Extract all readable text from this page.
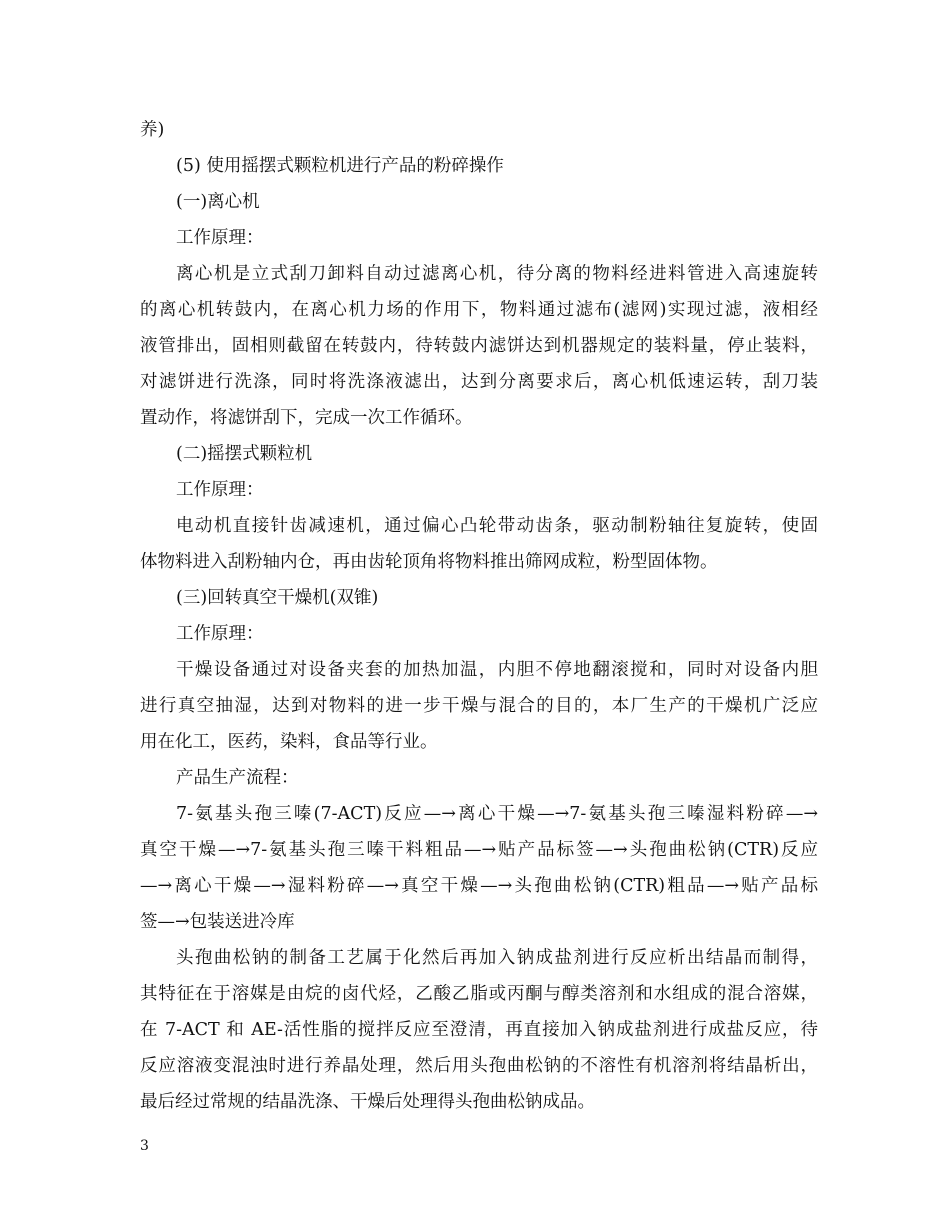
养)
(5) 使用摇摆式颗粒机进行产品的粉碎操作
(一)离心机
工作原理：
离心机是立式刮刀卸料自动过滤离心机，待分离的物料经进料管进入高速旋转
的离心机转鼓内，在离心机力场的作用下，物料通过滤布(滤网)实现过滤，液相经
液管排出，固相则截留在转鼓内，待转鼓内滤饼达到机器规定的装料量，停止装料，
对滤饼进行洗涤，同时将洗涤液滤出，达到分离要求后，离心机低速运转，刮刀装
置动作，将滤饼刮下，完成一次工作循环。
(二)摇摆式颗粒机
工作原理：
电动机直接针齿减速机，通过偏心凸轮带动齿条，驱动制粉轴往复旋转，使固
体物料进入刮粉轴内仓，再由齿轮顶角将物料推出筛网成粒，粉型固体物。
(三)回转真空干燥机(双锥)
工作原理：
干燥设备通过对设备夹套的加热加温，内胆不停地翻滚搅和，同时对设备内胆
进行真空抽湿，达到对物料的进一步干燥与混合的目的，本厂生产的干燥机广泛应
用在化工，医药，染料，食品等行业。
产品生产流程：
7-氨基头孢三嗪(7-ACT)反应—→离心干燥—→7-氨基头孢三嗪湿料粉碎—→
真空干燥—→7-氨基头孢三嗪干料粗品—→贴产品标签—→头孢曲松钠(CTR)反应
—→离心干燥—→湿料粉碎—→真空干燥—→头孢曲松钠(CTR)粗品—→贴产品标
签—→包装送进冷库
头孢曲松钠的制备工艺属于化然后再加入钠成盐剂进行反应析出结晶而制得，
其特征在于溶媒是由烷的卤代烃，乙酸乙脂或丙酮与醇类溶剂和水组成的混合溶媒，
在 7-ACT 和 AE-活性脂的搅拌反应至澄清，再直接加入钠成盐剂进行成盐反应，待
反应溶液变混浊时进行养晶处理，然后用头孢曲松钠的不溶性有机溶剂将结晶析出，
最后经过常规的结晶洗涤、干燥后处理得头孢曲松钠成品。
3
